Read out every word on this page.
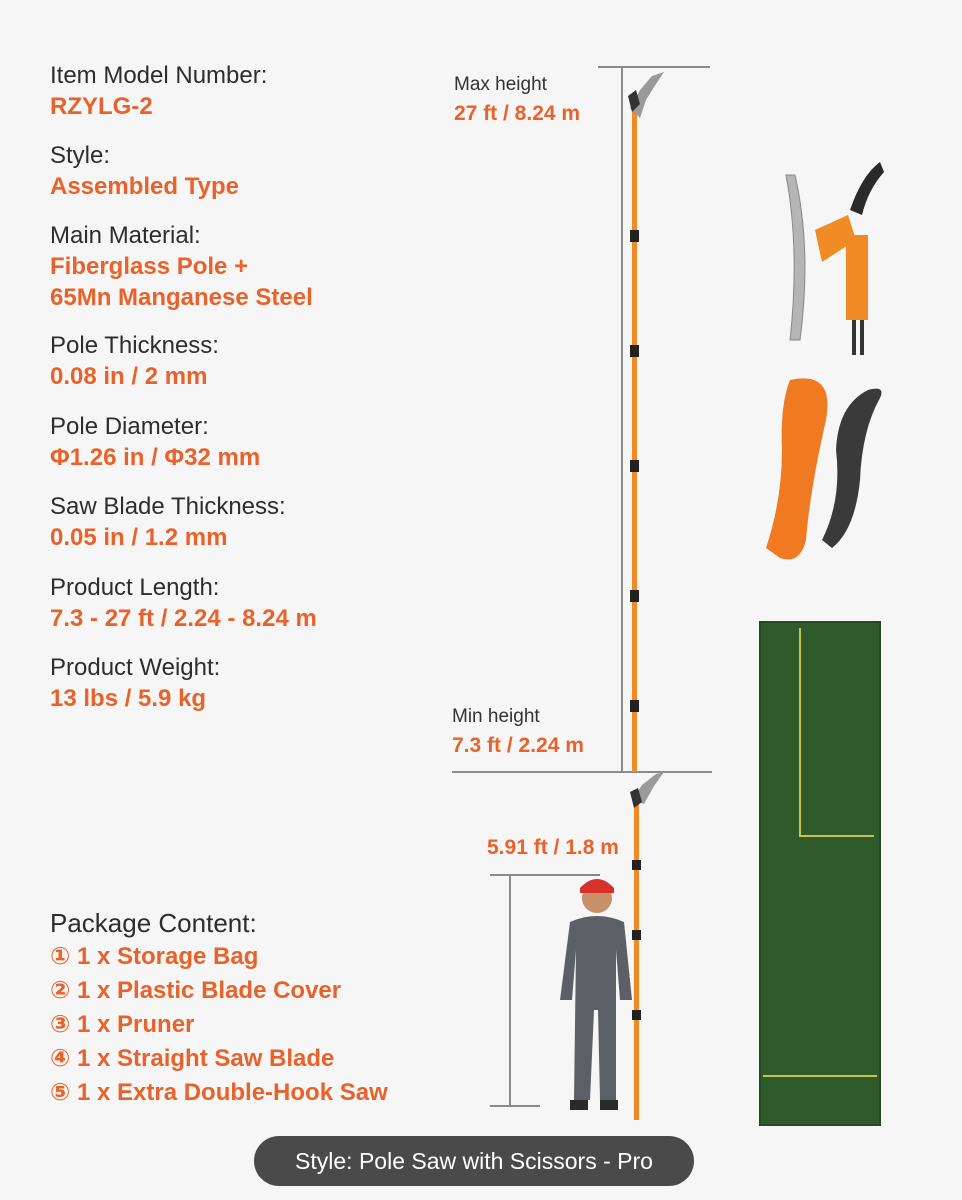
Item Model Number:
RZYLG-2
Style:
Assembled Type
Main Material:
Fiberglass Pole +
65Mn Manganese Steel
Pole Thickness:
0.08 in / 2 mm
Pole Diameter:
Φ1.26 in / Φ32 mm
Saw Blade Thickness:
0.05 in / 1.2 mm
Product Length:
7.3 - 27 ft / 2.24 - 8.24 m
Product Weight:
13 lbs / 5.9 kg
Max height
27 ft / 8.24 m
Min height
7.3 ft / 2.24 m
5.91 ft / 1.8 m
Package Content:
① 1 x Storage Bag
② 1 x Plastic Blade Cover
③ 1 x Pruner
④ 1 x Straight Saw Blade
⑤ 1 x Extra Double-Hook Saw
Style: Pole Saw with Scissors - Pro
